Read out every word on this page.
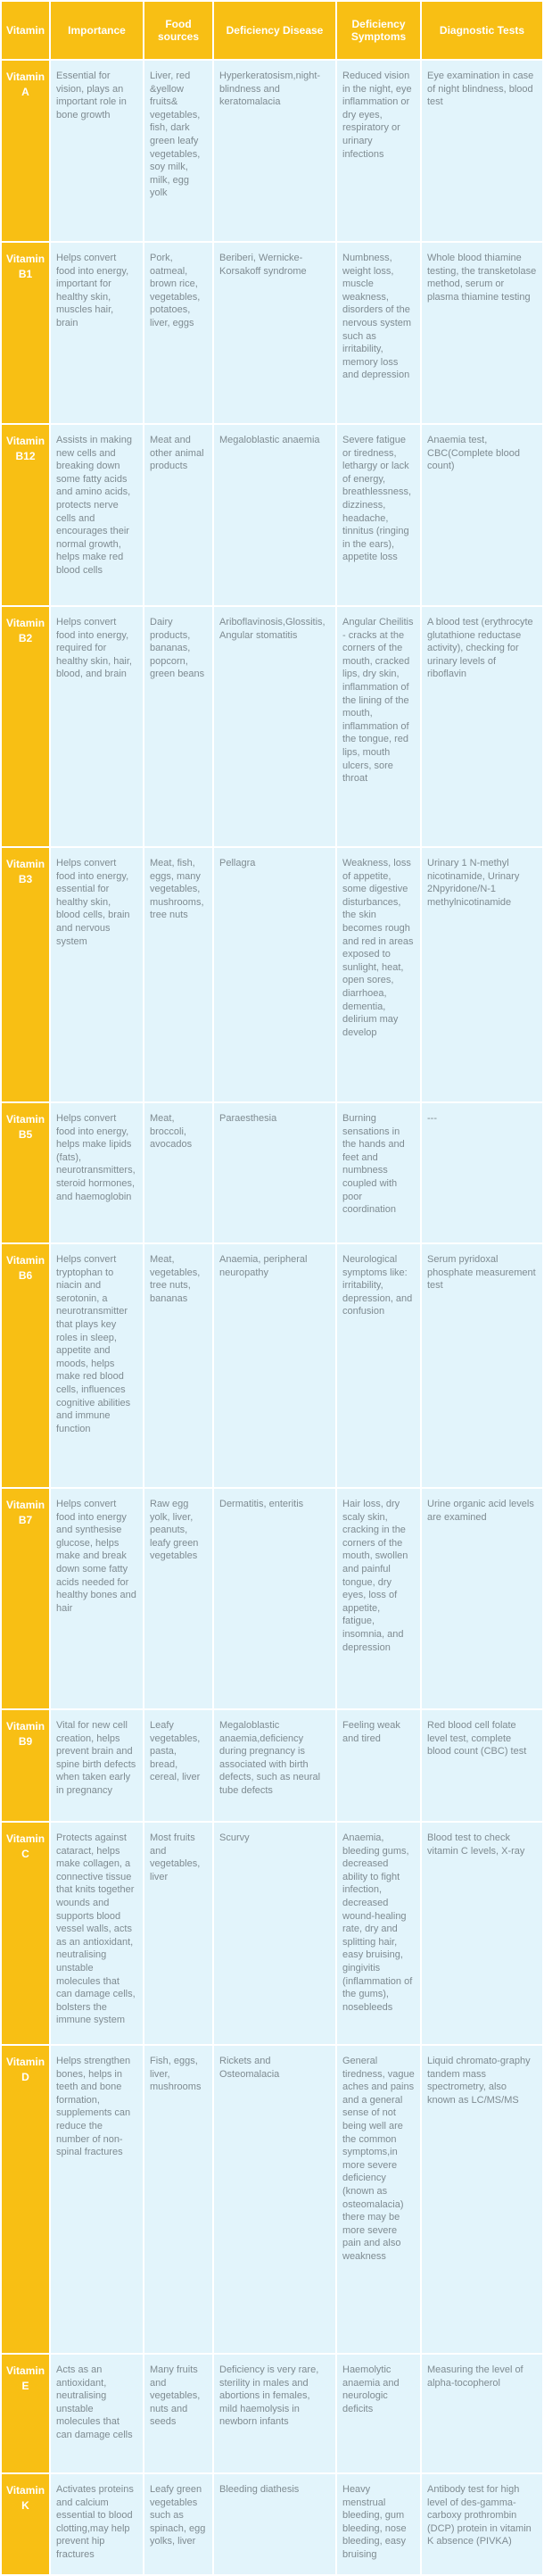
Vitamin	Importance	Food sources	Deficiency Disease	Deficiency Symptoms	Diagnostic Tests
Vitamin A	Essential for vision, plays an important role in bone growth	Liver, red &yellow fruits& vegetables, fish, dark green leafy vegetables, soy milk, milk, egg yolk	Hyperkeratosism,night-blindness and keratomalacia	Reduced vision in the night, eye inflammation or dry eyes, respiratory or urinary infections	Eye examination in case of night blindness, blood test
Vitamin B1	Helps convert food into energy, important for healthy skin, muscles hair, brain	Pork, oatmeal, brown rice, vegetables, potatoes, liver, eggs	Beriberi, Wernicke-Korsakoff syndrome	Numbness, weight loss, muscle weakness, disorders of the nervous system such as irritability, memory loss and depression	Whole blood thiamine testing, the transketolase method, serum or plasma thiamine testing
Vitamin B12	Assists in making new cells and breaking down some fatty acids and amino acids, protects nerve cells and encourages their normal growth, helps make red blood cells	Meat and other animal products	Megaloblastic anaemia	Severe fatigue or tiredness, lethargy or lack of energy, breathlessness, dizziness, headache, tinnitus (ringing in the ears), appetite loss	Anaemia test, CBC(Complete blood count)
Vitamin B2	Helps convert food into energy, required for healthy skin, hair, blood, and brain	Dairy products, bananas, popcorn, green beans	Ariboflavinosis,Glossitis, Angular stomatitis	Angular Cheilitis - cracks at the corners of the mouth, cracked lips, dry skin, inflammation of the lining of the mouth, inflammation of the tongue, red lips, mouth ulcers, sore throat	A blood test (erythrocyte glutathione reductase activity), checking for urinary levels of riboflavin
Vitamin B3	Helps convert food into energy, essential for healthy skin, blood cells, brain and nervous system	Meat, fish, eggs, many vegetables, mushrooms, tree nuts	Pellagra	Weakness, loss of appetite, some digestive disturbances, the skin becomes rough and red in areas exposed to sunlight, heat, open sores, diarrhoea, dementia, delirium may develop	Urinary 1 N-methyl nicotinamide, Urinary 2Npyridone/N-1 methylnicotinamide
Vitamin B5	Helps convert food into energy, helps make lipids (fats), neurotransmitters, steroid hormones, and haemoglobin	Meat, broccoli, avocados	Paraesthesia	Burning sensations in the hands and feet and numbness coupled with poor coordination	---
Vitamin B6	Helps convert tryptophan to niacin and serotonin, a neurotransmitter that plays key roles in sleep, appetite and moods, helps make red blood cells, influences cognitive abilities and immune function	Meat, vegetables, tree nuts, bananas	Anaemia, peripheral neuropathy	Neurological symptoms like: irritability, depression, and confusion	Serum pyridoxal phosphate measurement test
Vitamin B7	Helps convert food into energy and synthesise glucose, helps make and break down some fatty acids needed for healthy bones and hair	Raw egg yolk, liver, peanuts, leafy green vegetables	Dermatitis, enteritis	Hair loss, dry scaly skin, cracking in the corners of the mouth, swollen and painful tongue, dry eyes, loss of appetite, fatigue, insomnia, and depression	Urine organic acid levels are examined
Vitamin B9	Vital for new cell creation, helps prevent brain and spine birth defects when taken early in pregnancy	Leafy vegetables, pasta, bread, cereal, liver	Megaloblastic anaemia,deficiency during pregnancy is associated with birth defects, such as neural tube defects	Feeling weak and tired	Red blood cell folate level test, complete blood count (CBC) test
Vitamin C	Protects against cataract, helps make collagen, a connective tissue that knits together wounds and supports blood vessel walls, acts as an antioxidant, neutralising unstable molecules that can damage cells, bolsters the immune system	Most fruits and vegetables, liver	Scurvy	Anaemia, bleeding gums, decreased ability to fight infection, decreased wound-healing rate, dry and splitting hair, easy bruising, gingivitis (inflammation of the gums), nosebleeds	Blood test to check vitamin C levels, X-ray
Vitamin D	Helps strengthen bones, helps in teeth and bone formation, supplements can reduce the number of non-spinal fractures	Fish, eggs, liver, mushrooms	Rickets and Osteomalacia	General tiredness, vague aches and pains and a general sense of not being well are the common symptoms,in more severe deficiency (known as osteomalacia) there may be more severe pain and also weakness	Liquid chromato-graphy tandem mass spectrometry, also known as LC/MS/MS
Vitamin E	Acts as an antioxidant, neutralising unstable molecules that can damage cells	Many fruits and vegetables, nuts and seeds	Deficiency is very rare, sterility in males and abortions in females, mild haemolysis in newborn infants	Haemolytic anaemia and neurologic deficits	Measuring the level of alpha-tocopherol
Vitamin K	Activates proteins and calcium essential to blood clotting,may help prevent hip fractures	Leafy green vegetables such as spinach, egg yolks, liver	Bleeding diathesis	Heavy menstrual bleeding, gum bleeding, nose bleeding, easy bruising	Antibody test for high level of des-gamma-carboxy prothrombin (DCP) protein in vitamin K absence (PIVKA)
